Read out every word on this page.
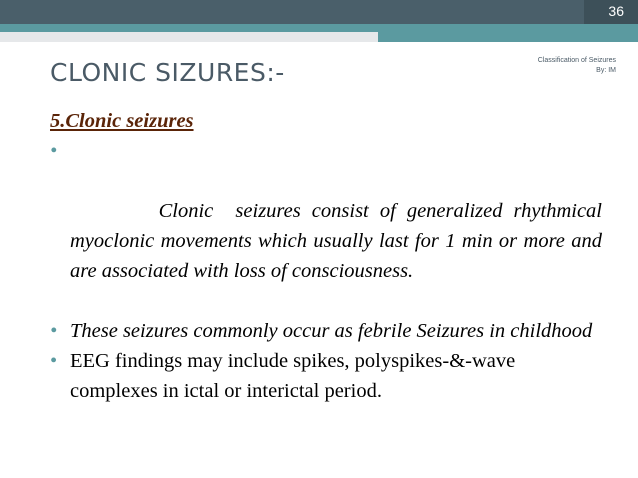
36
Classification of Seizures
By: IM
CLONIC SIZURES:-
5.Clonic seizures

•

Clonic  seizures consist of generalized rhythmical myoclonic movements which usually last for 1 min or more and are associated with loss of consciousness.

• These seizures commonly occur as febrile Seizures in childhood
• EEG findings may include spikes, polyspikes-&-wave complexes in ictal or interictal period.
